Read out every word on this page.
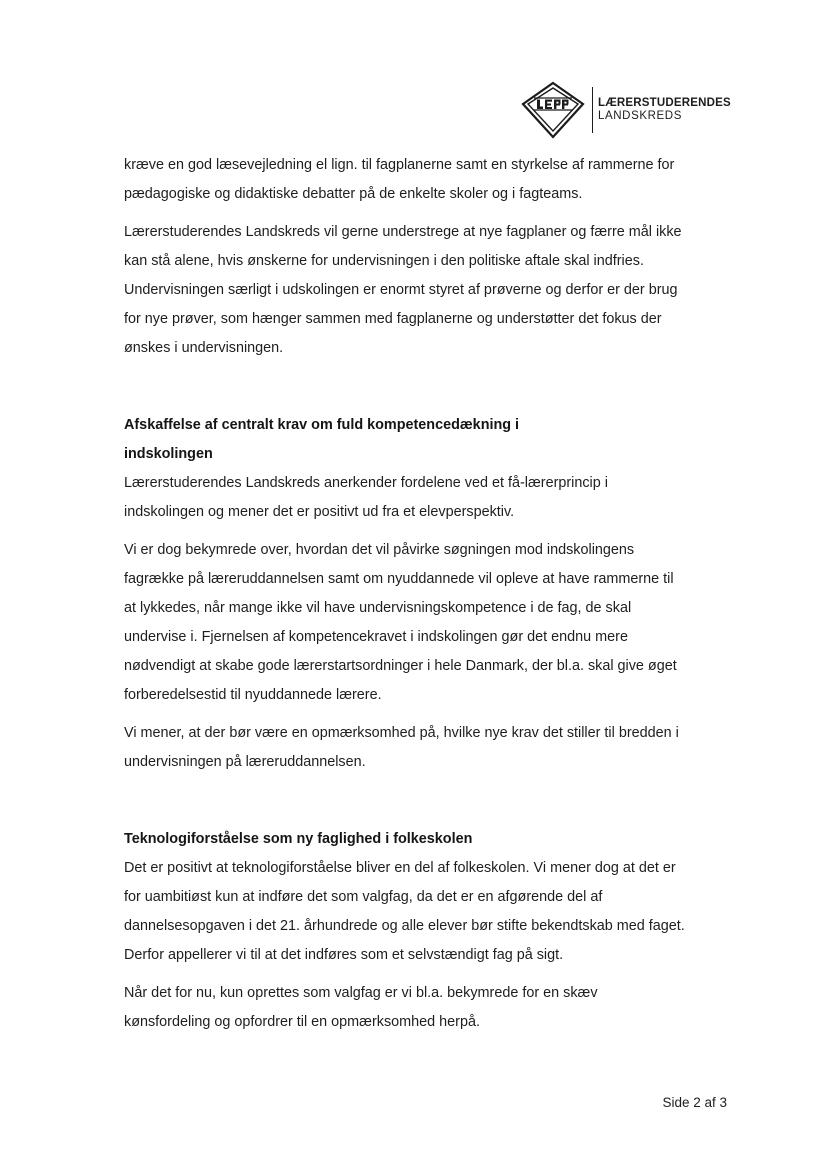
LÆRERSTUDERENDES
LANDSKREDS

kræve en god læsevejledning el lign. til fagplanerne samt en styrkelse af rammerne for
pædagogiske og didaktiske debatter på de enkelte skoler og i fagteams.

Lærerstuderendes Landskreds vil gerne understrege at nye fagplaner og færre mål ikke
kan stå alene, hvis ønskerne for undervisningen i den politiske aftale skal indfries.
Undervisningen særligt i udskolingen er enormt styret af prøverne og derfor er der brug
for nye prøver, som hænger sammen med fagplanerne og understøtter det fokus der
ønskes i undervisningen.

Afskaffelse af centralt krav om fuld kompetencedækning i
indskolingen

Lærerstuderendes Landskreds anerkender fordelene ved et få-lærerprincip i
indskolingen og mener det er positivt ud fra et elevperspektiv.

Vi er dog bekymrede over, hvordan det vil påvirke søgningen mod indskolingens
fagrække på læreruddannelsen samt om nyuddannede vil opleve at have rammerne til
at lykkedes, når mange ikke vil have undervisningskompetence i de fag, de skal
undervise i. Fjernelsen af kompetencekravet i indskolingen gør det endnu mere
nødvendigt at skabe gode lærerstartsordninger i hele Danmark, der bl.a. skal give øget
forberedelsestid til nyuddannede lærere.

Vi mener, at der bør være en opmærksomhed på, hvilke nye krav det stiller til bredden i
undervisningen på læreruddannelsen.

Teknologiforståelse som ny faglighed i folkeskolen

Det er positivt at teknologiforståelse bliver en del af folkeskolen. Vi mener dog at det er
for uambitiøst kun at indføre det som valgfag, da det er en afgørende del af
dannelsesopgaven i det 21. århundrede og alle elever bør stifte bekendtskab med faget.
Derfor appellerer vi til at det indføres som et selvstændigt fag på sigt.

Når det for nu, kun oprettes som valgfag er vi bl.a. bekymrede for en skæv
kønsfordeling og opfordrer til en opmærksomhed herpå.

Side 2 af 3
